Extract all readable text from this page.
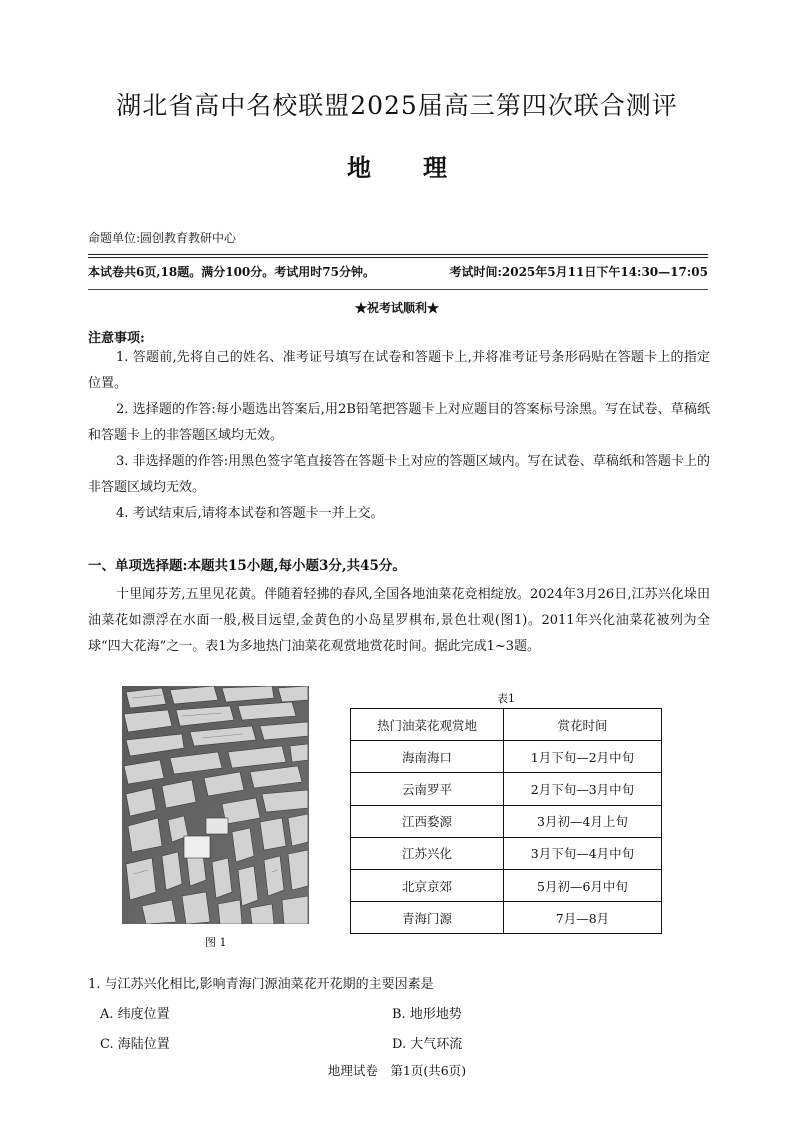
湖北省高中名校联盟2025届高三第四次联合测评
地理
命题单位:圆创教育教研中心
本试卷共6页,18题。满分100分。考试用时75分钟。	考试时间:2025年5月11日下午14:30—17:05
★祝考试顺利★
注意事项:
1. 答题前,先将自己的姓名、准考证号填写在试卷和答题卡上,并将准考证号条形码贴在答题卡上的指定位置。
2. 选择题的作答:每小题选出答案后,用2B铅笔把答题卡上对应题目的答案标号涂黑。写在试卷、草稿纸和答题卡上的非答题区域均无效。
3. 非选择题的作答:用黑色签字笔直接答在答题卡上对应的答题区域内。写在试卷、草稿纸和答题卡上的非答题区域均无效。
4. 考试结束后,请将本试卷和答题卡一并上交。
一、单项选择题:本题共15小题,每小题3分,共45分。
十里闻芬芳,五里见花黄。伴随着轻拂的春风,全国各地油菜花竞相绽放。2024年3月26日,江苏兴化垛田油菜花如漂浮在水面一般,极目远望,金黄色的小岛星罗棋布,景色壮观(图1)。2011年兴化油菜花被列为全球“四大花海”之一。表1为多地热门油菜花观赏地赏花时间。据此完成1~3题。
图 1
表1
热门油菜花观赏地	赏花时间
海南海口	1月下旬—2月中旬
云南罗平	2月下旬—3月中旬
江西婺源	3月初—4月上旬
江苏兴化	3月下旬—4月中旬
北京京郊	5月初—6月中旬
青海门源	7月—8月
1. 与江苏兴化相比,影响青海门源油菜花开花期的主要因素是
A. 纬度位置	B. 地形地势
C. 海陆位置	D. 大气环流
地理试卷　第1页(共6页)
